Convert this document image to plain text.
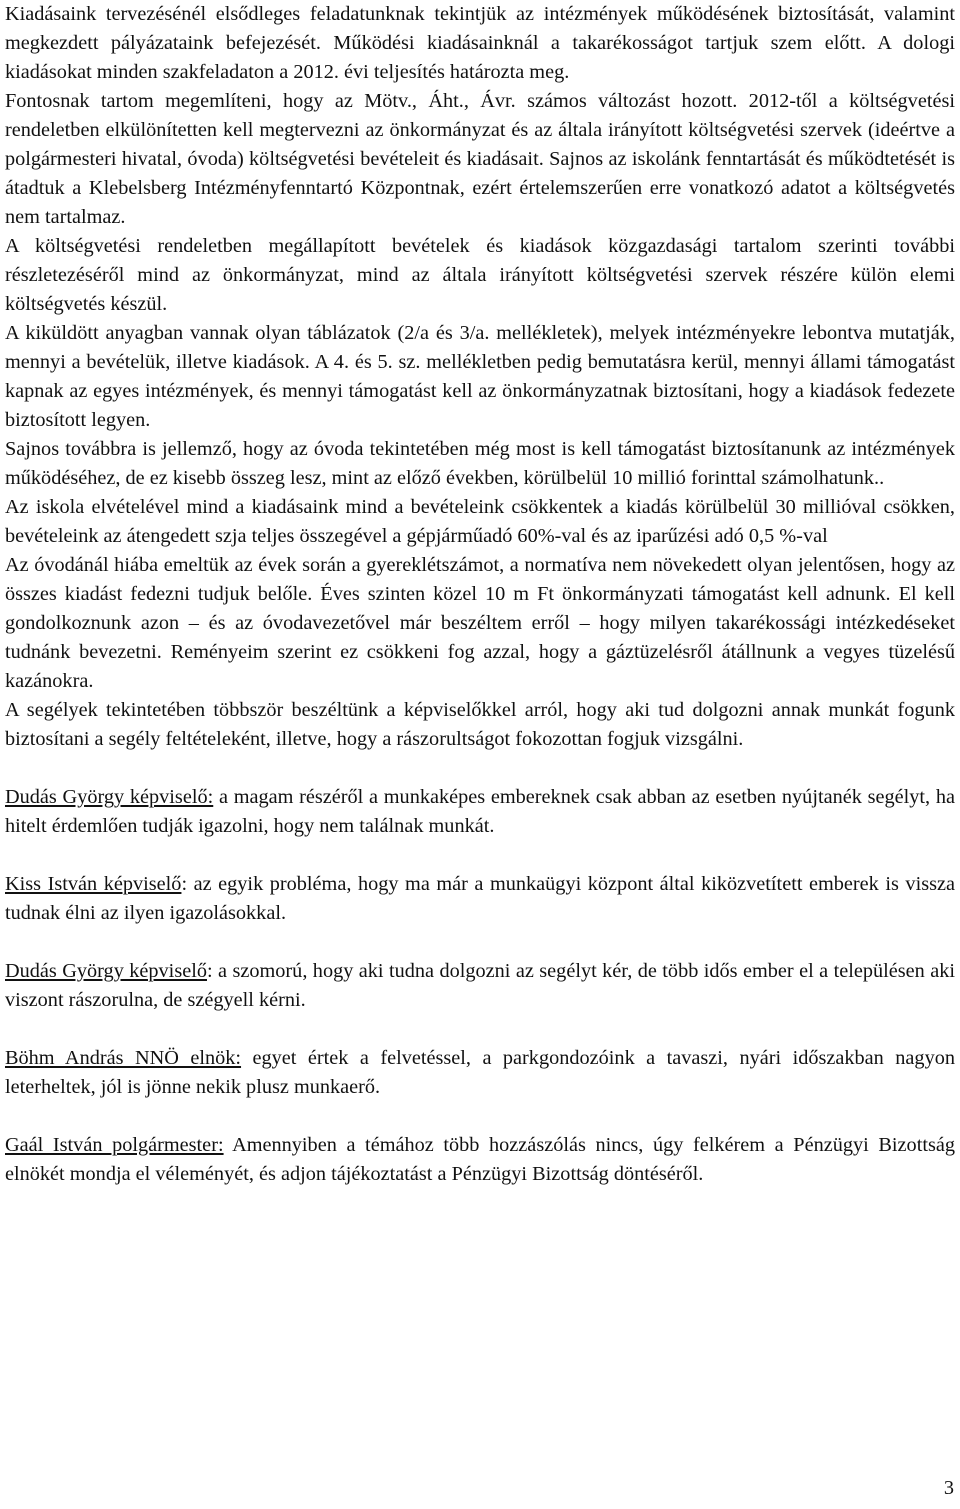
Kiadásaink tervezésénél elsődleges feladatunknak tekintjük az intézmények működésének biztosítását, valamint megkezdett pályázataink befejezését. Működési kiadásainknál a takarékosságot tartjuk szem előtt. A dologi kiadásokat minden szakfeladaton a 2012. évi teljesítés határozta meg.

Fontosnak tartom megemlíteni, hogy az Mötv., Áht., Ávr. számos változást hozott. 2012-től a költségvetési rendeletben elkülönítetten kell megtervezni az önkormányzat és az általa irányított költségvetési szervek (ideértve a polgármesteri hivatal, óvoda) költségvetési bevételeit és kiadásait. Sajnos az iskolánk fenntartását és működtetését is átadtuk a Klebelsberg Intézményfenntartó Központnak, ezért értelemszerűen erre vonatkozó adatot a költségvetés nem tartalmaz.

A költségvetési rendeletben megállapított bevételek és kiadások közgazdasági tartalom szerinti további részletezéséről mind az önkormányzat, mind az általa irányított költségvetési szervek részére külön elemi költségvetés készül.

A kiküldött anyagban vannak olyan táblázatok (2/a és 3/a. mellékletek), melyek intézményekre lebontva mutatják, mennyi a bevételük, illetve kiadások. A 4. és 5. sz. mellékletben pedig bemutatásra kerül, mennyi állami támogatást kapnak az egyes intézmények, és mennyi támogatást kell az önkormányzatnak biztosítani, hogy a kiadások fedezete biztosított legyen.

Sajnos továbbra is jellemző, hogy az óvoda tekintetében még most is kell támogatást biztosítanunk az intézmények működéséhez, de ez kisebb összeg lesz, mint az előző években, körülbelül 10 millió forinttal számolhatunk..

Az iskola elvételével mind a kiadásaink mind a bevételeink csökkentek a kiadás körülbelül 30 millióval csökken, bevételeink az átengedett szja teljes összegével a gépjárműadó 60%-val és az iparűzési adó 0,5 %-val

Az óvodánál hiába emeltük az évek során a gyereklétszámot, a normatíva nem növekedett olyan jelentősen, hogy az összes kiadást fedezni tudjuk belőle. Éves szinten közel 10 m Ft önkormányzati támogatást kell adnunk. El kell gondolkoznunk azon – és az óvodavezetővel már beszéltem erről – hogy milyen takarékossági intézkedéseket tudnánk bevezetni. Reményeim szerint ez csökkeni fog azzal, hogy a gáztüzelésről átállnunk a vegyes tüzelésű kazánokra.

A segélyek tekintetében többször beszéltünk a képviselőkkel arról, hogy aki tud dolgozni annak munkát fogunk biztosítani a segély feltételeként, illetve, hogy a rászorultságot fokozottan fogjuk vizsgálni.

Dudás György képviselő: a magam részéről a munkaképes embereknek csak abban az esetben nyújtanék segélyt, ha hitelt érdemlően tudják igazolni, hogy nem találnak munkát.

Kiss István képviselő: az egyik probléma, hogy ma már a munkaügyi központ által kiközvetített emberek is vissza tudnak élni az ilyen igazolásokkal.

Dudás György képviselő: a szomorú, hogy aki tudna dolgozni az segélyt kér, de több idős ember el a településen aki viszont rászorulna, de szégyell kérni.

Böhm András NNÖ elnök: egyet értek a felvetéssel, a parkgondozóink a tavaszi, nyári időszakban nagyon leterheltek, jól is jönne nekik plusz munkaerő.

Gaál István polgármester: Amennyiben a témához több hozzászólás nincs, úgy felkérem a Pénzügyi Bizottság elnökét mondja el véleményét, és adjon tájékoztatást a Pénzügyi Bizottság döntéséről.

3
